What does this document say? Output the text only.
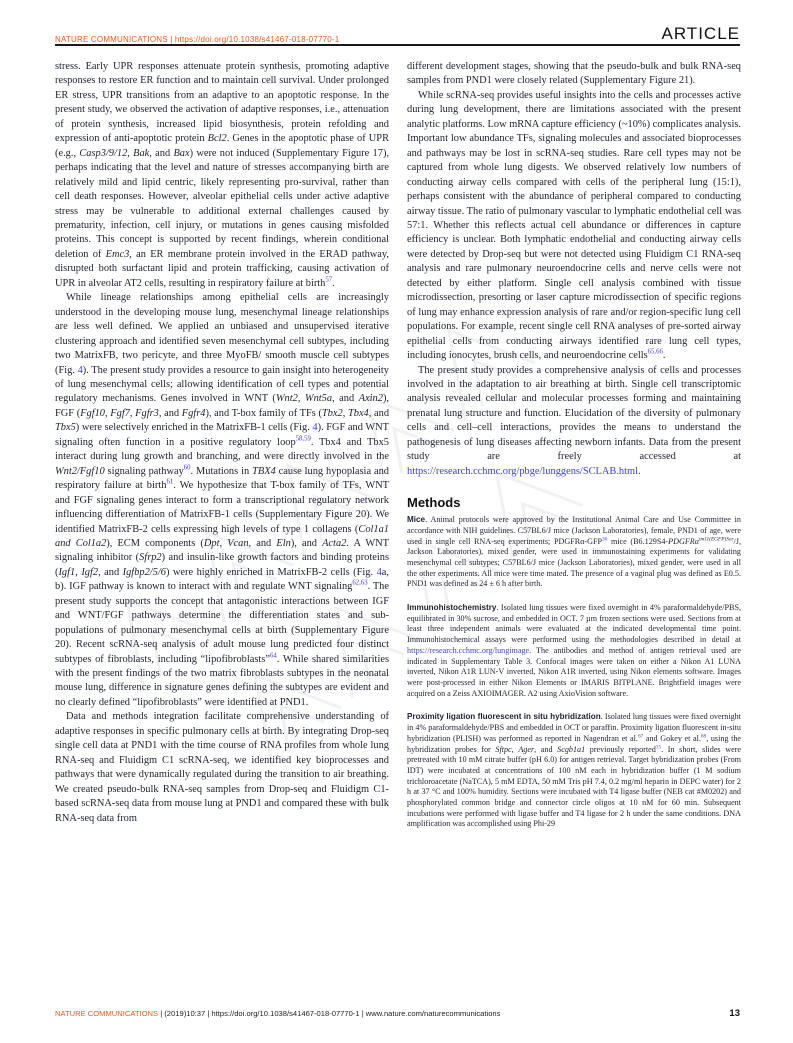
NATURE COMMUNICATIONS | https://doi.org/10.1038/s41467-018-07770-1	ARTICLE

stress. Early UPR responses attenuate protein synthesis, promoting adaptive responses to restore ER function and to maintain cell survival. Under prolonged ER stress, UPR transitions from an adaptive to an apoptotic response. In the present study, we observed the activation of adaptive responses, i.e., attenuation of protein synthesis, increased lipid biosynthesis, protein refolding and expression of anti-apoptotic protein Bcl2. Genes in the apoptotic phase of UPR (e.g., Casp3/9/12, Bak, and Bax) were not induced (Supplementary Figure 17), perhaps indicating that the level and nature of stresses accompanying birth are relatively mild and lipid centric, likely representing pro-survival, rather than cell death responses. However, alveolar epithelial cells under active adaptive stress may be vulnerable to additional external challenges caused by prematurity, infection, cell injury, or mutations in genes causing misfolded proteins. This concept is supported by recent findings, wherein conditional deletion of Emc3, an ER membrane protein involved in the ERAD pathway, disrupted both surfactant lipid and protein trafficking, causing activation of UPR in alveolar AT2 cells, resulting in respiratory failure at birth$^{57}$.

While lineage relationships among epithelial cells are increasingly understood in the developing mouse lung, mesenchymal lineage relationships are less well defined. We applied an unbiased and unsupervised iterative clustering approach and identified seven mesenchymal cell subtypes, including two MatrixFB, two pericyte, and three MyoFB/ smooth muscle cell subtypes (Fig. 4). The present study provides a resource to gain insight into heterogeneity of lung mesenchymal cells; allowing identification of cell types and potential regulatory mechanisms. Genes involved in WNT (Wnt2, Wnt5a, and Axin2), FGF (Fgf10, Fgf7, Fgfr3, and Fgfr4), and T-box family of TFs (Tbx2, Tbx4, and Tbx5) were selectively enriched in the MatrixFB-1 cells (Fig. 4). FGF and WNT signaling often function in a positive regulatory loop$^{58,59}$. Tbx4 and Tbx5 interact during lung growth and branching, and were directly involved in the Wnt2/Fgf10 signaling pathway$^{60}$. Mutations in TBX4 cause lung hypoplasia and respiratory failure at birth$^{61}$. We hypothesize that T-box family of TFs, WNT and FGF signaling genes interact to form a transcriptional regulatory network influencing differentiation of MatrixFB-1 cells (Supplementary Figure 20). We identified MatrixFB-2 cells expressing high levels of type 1 collagens (Col1a1 and Col1a2), ECM components (Dpt, Vcan, and Eln), and Acta2. A WNT signaling inhibitor (Sfrp2) and insulin-like growth factors and binding proteins (Igf1, Igf2, and Igfbp2/5/6) were highly enriched in MatrixFB-2 cells (Fig. 4a, b). IGF pathway is known to interact with and regulate WNT signaling$^{62,63}$. The present study supports the concept that antagonistic interactions between IGF and WNT/FGF pathways determine the differentiation states and sub-populations of pulmonary mesenchymal cells at birth (Supplementary Figure 20). Recent scRNA-seq analysis of adult mouse lung predicted four distinct subtypes of fibroblasts, including “lipofibroblasts”$^{64}$. While shared similarities with the present findings of the two matrix fibroblasts subtypes in the neonatal mouse lung, difference in signature genes defining the subtypes are evident and no clearly defined “lipofibroblasts” were identified at PND1.

Data and methods integration facilitate comprehensive understanding of adaptive responses in specific pulmonary cells at birth. By integrating Drop-seq single cell data at PND1 with the time course of RNA profiles from whole lung RNA-seq and Fluidigm C1 scRNA-seq, we identified key bioprocesses and pathways that were dynamically regulated during the transition to air breathing. We created pseudo-bulk RNA-seq samples from Drop-seq and Fluidigm C1-based scRNA-seq data from mouse lung at PND1 and compared these with bulk RNA-seq data from

different development stages, showing that the pseudo-bulk and bulk RNA-seq samples from PND1 were closely related (Supplementary Figure 21).

While scRNA-seq provides useful insights into the cells and processes active during lung development, there are limitations associated with the present analytic platforms. Low mRNA capture efficiency (~10%) complicates analysis. Important low abundance TFs, signaling molecules and associated bioprocesses and pathways may be lost in scRNA-seq studies. Rare cell types may not be captured from whole lung digests. We observed relatively low numbers of conducting airway cells compared with cells of the peripheral lung (15:1), perhaps consistent with the abundance of peripheral compared to conducting airway tissue. The ratio of pulmonary vascular to lymphatic endothelial cell was 57:1. Whether this reflects actual cell abundance or differences in capture efficiency is unclear. Both lymphatic endothelial and conducting airway cells were detected by Drop-seq but were not detected using Fluidigm C1 RNA-seq analysis and rare pulmonary neuroendocrine cells and nerve cells were not detected by either platform. Single cell analysis combined with tissue microdissection, presorting or laser capture microdissection of specific regions of lung may enhance expression analysis of rare and/or region-specific lung cell populations. For example, recent single cell RNA analyses of pre-sorted airway epithelial cells from conducting airways identified rare lung cell types, including ionocytes, brush cells, and neuroendocrine cells$^{65,66}$.

The present study provides a comprehensive analysis of cells and processes involved in the adaptation to air breathing at birth. Single cell transcriptomic analysis revealed cellular and molecular processes forming and maintaining prenatal lung structure and function. Elucidation of the diversity of pulmonary cells and cell–cell interactions, provides the means to understand the pathogenesis of lung diseases affecting newborn infants. Data from the present study are freely accessed at https://research.cchmc.org/pbge/lunggens/SCLAB.html.

Methods

Mice. Animal protocols were approved by the Institutional Animal Care and Use Committee in accordance with NIH guidelines. C57BL6/J mice (Jackson Laboratories), female, PND1 of age, were used in single cell RNA-seq experiments; PDGFRα-GFP$^{36}$ mice (B6.129S4-PDGFRα$^{tm11(EGFP)Sor}$/J, Jackson Laboratories), mixed gender, were used in immunostaining experiments for validating mesenchymal cell subtypes; C57BL6/J mice (Jackson Laboratories), mixed gender, were used in all the other experiments. All mice were time mated. The presence of a vaginal plug was defined as E0.5. PND1 was defined as 24 ± 6 h after birth.

Immunohistochemistry. Isolated lung tissues were fixed overnight in 4% paraformaldehyde/PBS, equilibrated in 30% sucrose, and embedded in OCT. 7 µm frozen sections were used. Sections from at least three independent animals were evaluated at the indicated developmental time point. Immunohistochemical assays were performed using the methodologies described in detail at https://research.cchmc.org/lungimage. The antibodies and method of antigen retrieval used are indicated in Supplementary Table 3. Confocal images were taken on either a Nikon A1 LUNA inverted, Nikon A1R LUN-V inverted, Nikon A1R inverted, using Nikon elements software. Images were post-processed in either Nikon Elements or IMARIS BITPLANE. Brightfield images were acquired on a Zeiss AXIOIMAGER. A2 using AxioVision software.

Proximity ligation fluorescent in situ hybridization. Isolated lung tissues were fixed overnight in 4% paraformaldehyde/PBS and embedded in OCT or paraffin. Proximity ligation fluorescent in-situ hybridization (PLISH) was performed as reported in Nagendran et al.$^{67}$ and Gokey et al.$^{68}$, using the hybridization probes for Sftpc, Ager, and Scgb1a1 previously reported$^{15}$. In short, slides were pretreated with 10 mM citrate buffer (pH 6.0) for antigen retrieval. Target hybridization probes (From IDT) were incubated at concentrations of 100 nM each in hybridization buffer (1 M sodium trichloroacetate (NaTCA), 5 mM EDTA, 50 mM Tris pH 7.4, 0.2 mg/ml heparin in DEPC water) for 2 h at 37 °C and 100% humidity. Sections were incubated with T4 ligase buffer (NEB cat #M0202) and phosphorylated common bridge and connector circle oligos at 10 nM for 60 min. Subsequent incubations were performed with ligase buffer and T4 ligase for 2 h under the same conditions. DNA amplification was accomplished using Phi-29

NATURE COMMUNICATIONS | (2019)10:37 | https://doi.org/10.1038/s41467-018-07770-1 | www.nature.com/naturecommunications	13
